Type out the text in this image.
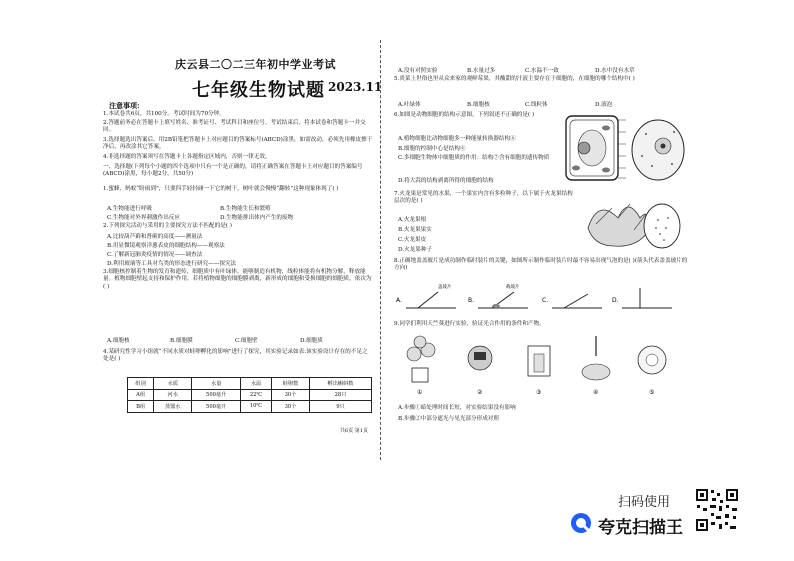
庆云县二〇二三年初中学业考试
七年级生物试题 2023.11
注意事项:
1.本试卷共6页，共100分。考试时间为70分钟。
2.答题前务必在答题卡上填写姓名、准考证号、考试科目和座位号。考试结束后，将本试卷和答题卡一并交回。
3.选择题选出答案后，用2B铅笔把答题卡上对应题目的答案标号(ABCD)涂黑，如需改动，必须先用橡皮擦干净后，再改涂其它答案。
4.非选择题的答案须写在答题卡上各题指定区域内，否则一律无效。
一、选择题(下列每个小题的四个选项中只有一个是正确的，请将正确答案在答题卡上对应题目的答案编号(ABCD)涂黑，每小题2分，共50分)
1.蜜蜂、蚂蚁“盼雨到”，只要四手轻轻碰一下它的树干，树叶就会慢慢“翻转”这种现象体现了( )
A.生物能进行呼吸	B.生物能生长和繁殖
C.生物能对外界刺激作出反应	D.生物能排出体内产生的废物
2.下列探究活动与采用的主要探究方法不匹配的是( )
A.比较葫芦藓和肾蕨的高度——测量法
B.用显微镜观察洋葱表皮的细胞结构——观察法
C.了解新冠肺炎疫情的情况——调查法
D.利用玻璃等工具对鸟类的形态进行研究——探究法
3.细胞核控制着生物的发育和遗传，细胞质中有叶绿体，能够制造有机物，线粒体能将有机物分解，释放能量。植物细胞壁起支持和保护作用。若将植物细胞的细胞膜剥离，新形成的细胞和受损细胞的细胞质，依次为( )
A.细胞核	B.细胞膜	C.细胞壁	D.细胞质
4.某研究性学习小组就“不同水质对蛙卵孵化的影响”进行了探究，其实验记录如表:该实验设计存在的不足之处是( )
组别	水质	水量	水温	蛙卵数	孵出蝌蚪数
A组	河水	500毫升	22℃	30个	28只
B组	蒸馏水	500毫升	10℃	30个	9只
A.没有对照实验	B.水量过多	C.水温不一致	D.水中没有水草
5.炎菜上世俗也里从众来家的观鲜莓果，其酸甜的汁液主要存在于细胞的，在细胞的哪个结构中( )
A.叶绿体	B.细胞核	C.线粒体	D.液泡
6.如图是动物细胞的结构示意图，下列叙述不正确的是( )
A.植物细胞比动物细胞多一种能量转换器结构⑥
B.细胞的控制中心是结构④
C.多细胞生物体中细胞质的作用：结构⑦含有细胞的遗传物质
D.将大蒜的结构剥离所得的细胞的结构
7.火龙果是常见的水果，一个果实内含有多粒种子，以下属于火龙果结构层次的是( )
A.火龙果根
B.火龙果果实
C.火龙果皮
D.火龙果种子
8.正确地盖盖玻片是成功制作临时装片的关键，如图所示制作临时装片时最不容易出现气泡的是( )(箭头代表盖盖玻片的方向)
A.
盖玻片
B.
载玻片
C.	D.
9.同学们利用天竺葵进行实验，验证光合作用的条件和产物。
①	②	③	④	⑤
A.步骤①暗处理时间长短，对实验结果没有影响
B.步骤②中部分遮光与见光部分形成对照
共6页 第1页
扫码使用
夸克扫描王
